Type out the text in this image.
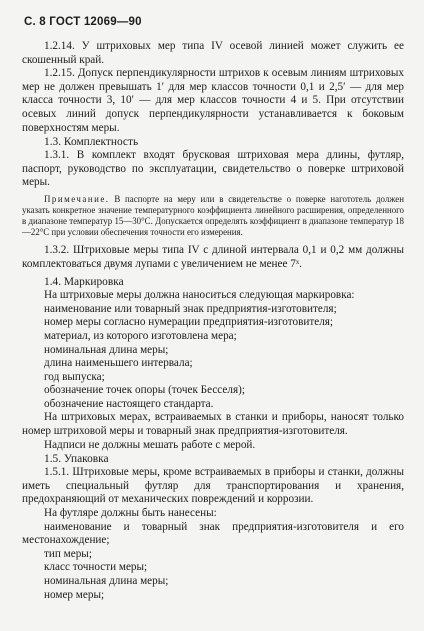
С. 8 ГОСТ 12069—90

1.2.14. У штриховых мер типа IV осевой линией может служить ее скошенный край.

1.2.15. Допуск перпендикулярности штрихов к осевым линиям штриховых мер не должен превышать 1′ для мер классов точности 0,1 и 2,5′ — для мер класса точности 3, 10′ — для мер классов точности 4 и 5. При отсутствии осевых линий допуск перпендикулярности устанавливается к боковым поверхностям меры.

1.3. Комплектность

1.3.1. В комплект входят брусковая штриховая мера длины, футляр, паспорт, руководство по эксплуатации, свидетельство о поверке штриховой меры.

Примечание. В паспорте на меру или в свидетельстве о поверке нагототель должен указать конкретное значение температурного коэффициента линейного расширения, определенного в диапазоне температур 15—30°С. Допускается определять коэффициент в диапазоне температур 18—22°С при условии обеспечения точности его измерения.

1.3.2. Штриховые меры типа IV с длиной интервала 0,1 и 0,2 мм должны комплектоваться двумя лупами с увеличением не менее 7ˣ.

1.4. Маркировка

На штриховые меры должна наноситься следующая маркировка:

наименование или товарный знак предприятия-изготовителя;

номер меры согласно нумерации предприятия-изготовителя;

материал, из которого изготовлена мера;

номинальная длина меры;

длина наименьшего интервала;

год выпуска;

обозначение точек опоры (точек Бесселя);

обозначение настоящего стандарта.

На штриховых мерах, встраиваемых в станки и приборы, наносят только номер штриховой меры и товарный знак предприятия-изготовителя.

Надписи не должны мешать работе с мерой.

1.5. Упаковка

1.5.1. Штриховые меры, кроме встраиваемых в приборы и станки, должны иметь специальный футляр для транспортирования и хранения, предохраняющий от механических повреждений и коррозии.

На футляре должны быть нанесены:

наименование и товарный знак предприятия-изготовителя и его местонахождение;

тип меры;

класс точности меры;

номинальная длина меры;

номер меры;
